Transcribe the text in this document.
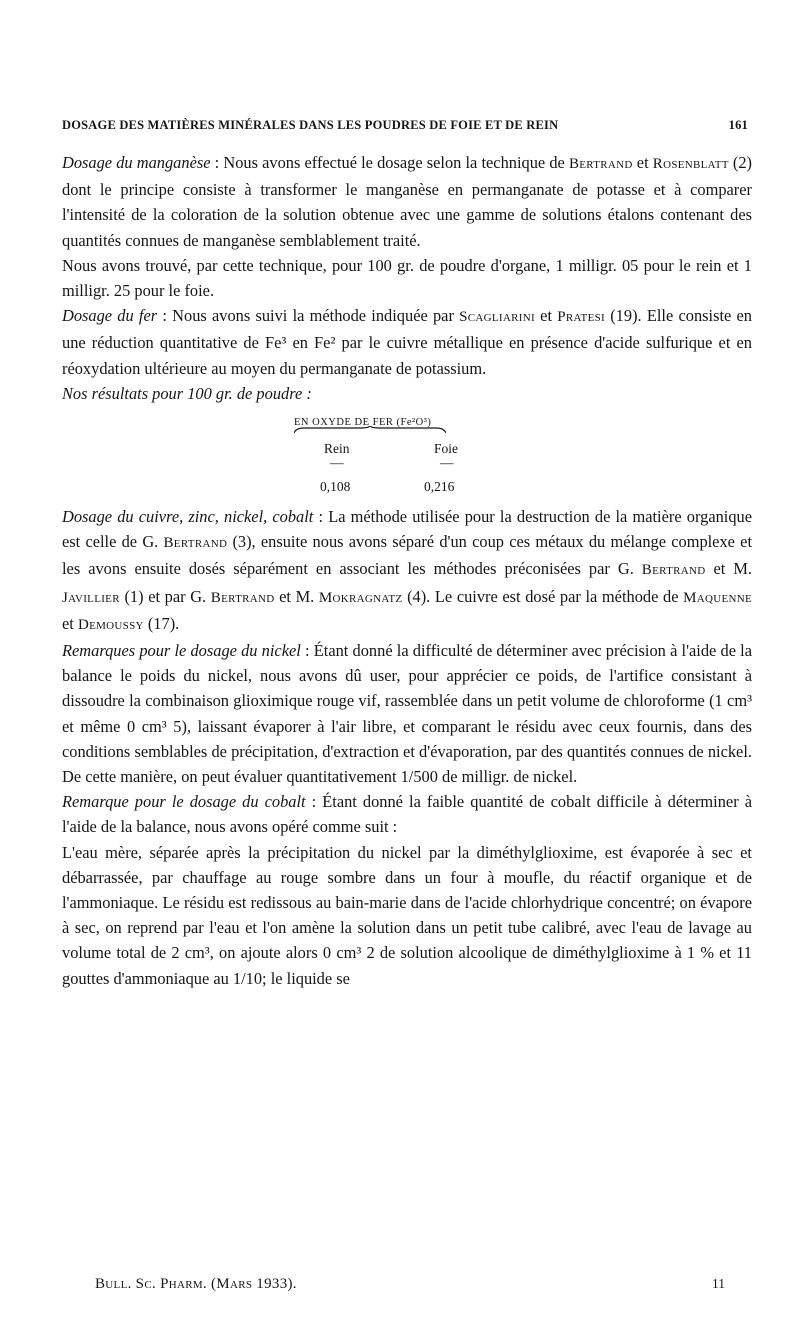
DOSAGE DES MATIÈRES MINÉRALES DANS LES POUDRES DE FOIE ET DE REIN	161

Dosage du manganèse : Nous avons effectué le dosage selon la technique de Bertrand et Rosenblatt (2) dont le principe consiste à transformer le manganèse en permanganate de potasse et à comparer l'intensité de la coloration de la solution obtenue avec une gamme de solutions étalons contenant des quantités connues de manganèse semblablement traité.

Nous avons trouvé, par cette technique, pour 100 gr. de poudre d'organe, 1 milligr. 05 pour le rein et 1 milligr. 25 pour le foie.

Dosage du fer : Nous avons suivi la méthode indiquée par Scagliarini et Pratesi (19). Elle consiste en une réduction quantitative de Fe³ en Fe² par le cuivre métallique en présence d'acide sulfurique et en réoxydation ultérieure au moyen du permanganate de potassium.

Nos résultats pour 100 gr. de poudre :

EN OXYDE DE FER (Fe²O³)
Rein	Foie
—	—
0,108	0,216

Dosage du cuivre, zinc, nickel, cobalt : La méthode utilisée pour la destruction de la matière organique est celle de G. Bertrand (3), ensuite nous avons séparé d'un coup ces métaux du mélange complexe et les avons ensuite dosés séparément en associant les méthodes préconisées par G. Bertrand et M. Javillier (1) et par G. Bertrand et M. Mokragnatz (4). Le cuivre est dosé par la méthode de Maquenne et Demoussy (17).

Remarques pour le dosage du nickel : Étant donné la difficulté de déterminer avec précision à l'aide de la balance le poids du nickel, nous avons dû user, pour apprécier ce poids, de l'artifice consistant à dissoudre la combinaison glioximique rouge vif, rassemblée dans un petit volume de chloroforme (1 cm³ et même 0 cm³ 5), laissant évaporer à l'air libre, et comparant le résidu avec ceux fournis, dans des conditions semblables de précipitation, d'extraction et d'évaporation, par des quantités connues de nickel. De cette manière, on peut évaluer quantitativement 1/500 de milligr. de nickel.

Remarque pour le dosage du cobalt : Étant donné la faible quantité de cobalt difficile à déterminer à l'aide de la balance, nous avons opéré comme suit :

L'eau mère, séparée après la précipitation du nickel par la diméthylglioxime, est évaporée à sec et débarrassée, par chauffage au rouge sombre dans un four à moufle, du réactif organique et de l'ammoniaque. Le résidu est redissous au bain-marie dans de l'acide chlorhydrique concentré; on évapore à sec, on reprend par l'eau et l'on amène la solution dans un petit tube calibré, avec l'eau de lavage au volume total de 2 cm³, on ajoute alors 0 cm³ 2 de solution alcoolique de diméthylglioxime à 1 % et 11 gouttes d'ammoniaque au 1/10; le liquide se

Bull. Sc. Pharm. (Mars 1933).	11
